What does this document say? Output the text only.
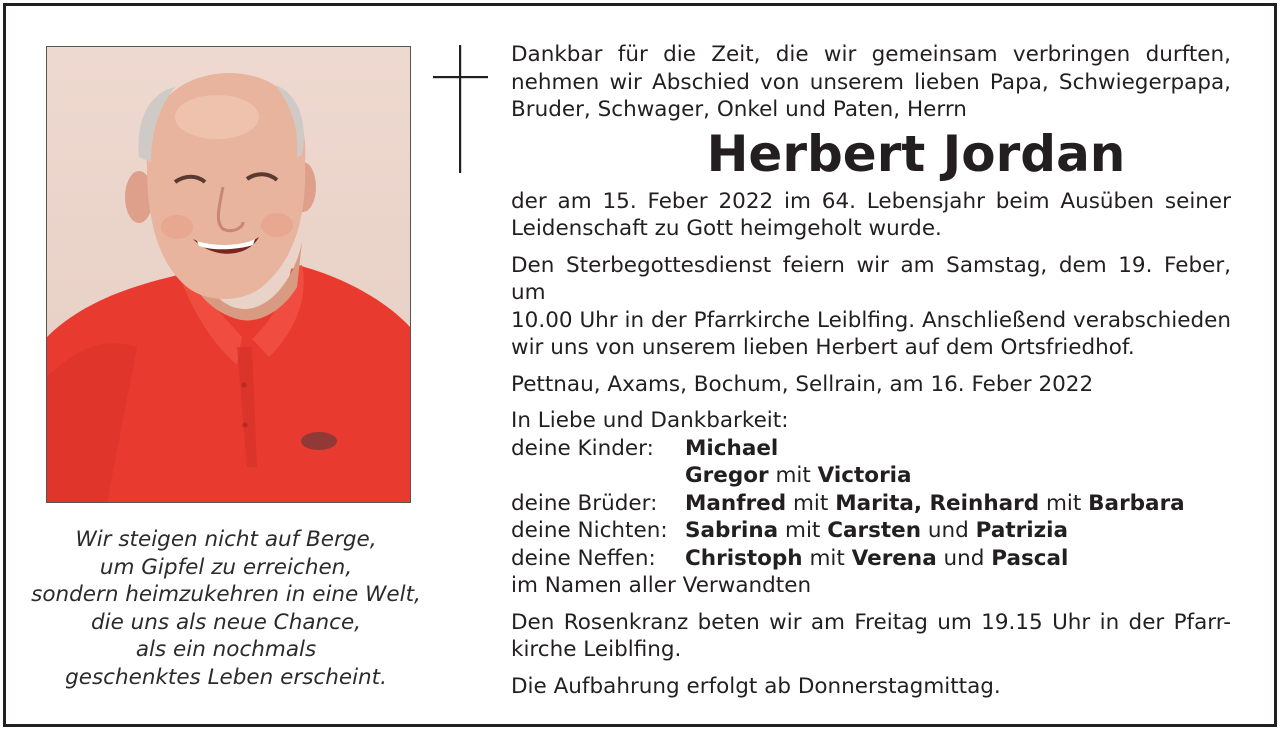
Wir steigen nicht auf Berge,
um Gipfel zu erreichen,
sondern heimzukehren in eine Welt,
die uns als neue Chance,
als ein nochmals
geschenktes Leben erscheint.
Dankbar für die Zeit, die wir gemeinsam verbringen durften,
nehmen wir Abschied von unserem lieben Papa, Schwiegerpapa,
Bruder, Schwager, Onkel und Paten, Herrn
Herbert Jordan
der am 15. Feber 2022 im 64. Lebensjahr beim Ausüben seiner
Leidenschaft zu Gott heimgeholt wurde.
Den Sterbegottesdienst feiern wir am Samstag, dem 19. Feber, um
10.00 Uhr in der Pfarrkirche Leiblfing. Anschließend verabschieden
wir uns von unserem lieben Herbert auf dem Ortsfriedhof.
Pettnau, Axams, Bochum, Sellrain, am 16. Feber 2022
In Liebe und Dankbarkeit:
deine Kinder:	Michael
Gregor mit Victoria
deine Brüder:	Manfred mit Marita, Reinhard mit Barbara
deine Nichten: Sabrina mit Carsten und Patrizia
deine Neffen:	Christoph mit Verena und Pascal
im Namen aller Verwandten
Den Rosenkranz beten wir am Freitag um 19.15 Uhr in der Pfarr-
kirche Leiblfing.
Die Aufbahrung erfolgt ab Donnerstagmittag.
